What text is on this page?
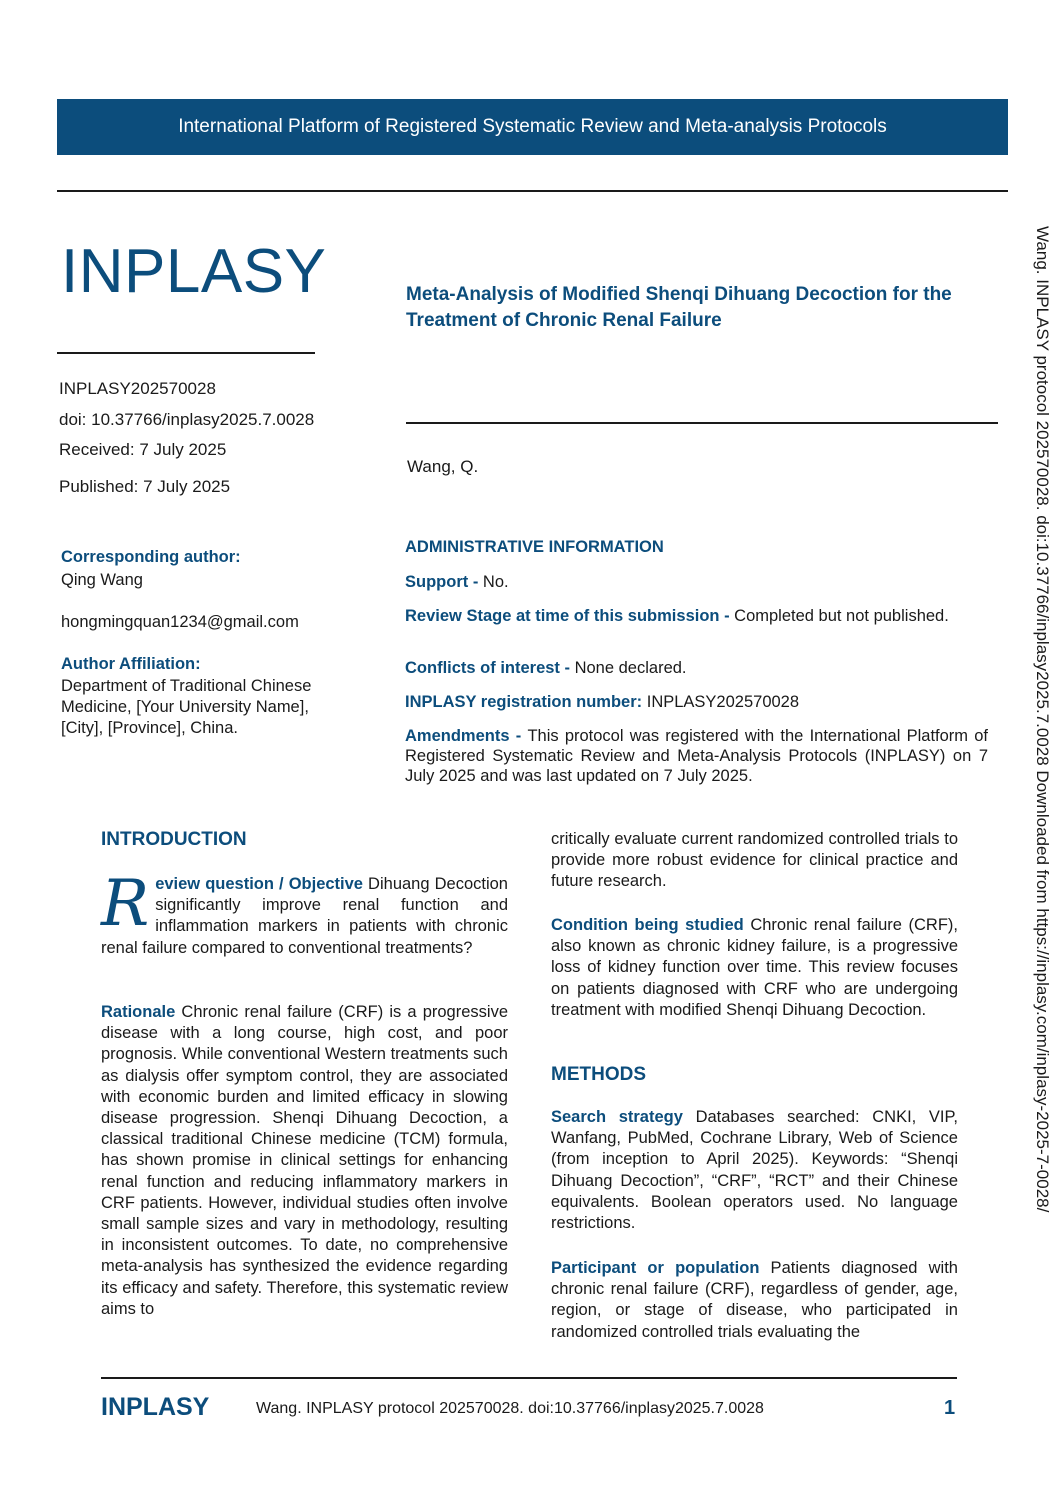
International Platform of Registered Systematic Review and Meta-analysis Protocols
INPLASY
INPLASY202570028
doi: 10.37766/inplasy2025.7.0028
Received: 7 July 2025
Published: 7 July 2025
Meta-Analysis of Modified Shenqi Dihuang Decoction for the Treatment of Chronic Renal Failure
Wang, Q.
Corresponding author:
Qing Wang
hongmingquan1234@gmail.com
Author Affiliation:
Department of Traditional Chinese Medicine, [Your University Name], [City], [Province], China.
ADMINISTRATIVE INFORMATION
Support - No.
Review Stage at time of this submission - Completed but not published.
Conflicts of interest - None declared.
INPLASY registration number: INPLASY202570028
Amendments - This protocol was registered with the International Platform of Registered Systematic Review and Meta-Analysis Protocols (INPLASY) on 7 July 2025 and was last updated on 7 July 2025.
INTRODUCTION
Review question / Objective Dihuang Decoction significantly improve renal function and inflammation markers in patients with chronic renal failure compared to conventional treatments?
Rationale Chronic renal failure (CRF) is a progressive disease with a long course, high cost, and poor prognosis. While conventional Western treatments such as dialysis offer symptom control, they are associated with economic burden and limited efficacy in slowing disease progression. Shenqi Dihuang Decoction, a classical traditional Chinese medicine (TCM) formula, has shown promise in clinical settings for enhancing renal function and reducing inflammatory markers in CRF patients. However, individual studies often involve small sample sizes and vary in methodology, resulting in inconsistent outcomes. To date, no comprehensive meta-analysis has synthesized the evidence regarding its efficacy and safety. Therefore, this systematic review aims to
critically evaluate current randomized controlled trials to provide more robust evidence for clinical practice and future research.
Condition being studied Chronic renal failure (CRF), also known as chronic kidney failure, is a progressive loss of kidney function over time. This review focuses on patients diagnosed with CRF who are undergoing treatment with modified Shenqi Dihuang Decoction.
METHODS
Search strategy Databases searched: CNKI, VIP, Wanfang, PubMed, Cochrane Library, Web of Science (from inception to April 2025). Keywords: “Shenqi Dihuang Decoction”, “CRF”, “RCT” and their Chinese equivalents. Boolean operators used. No language restrictions.
Participant or population Patients diagnosed with chronic renal failure (CRF), regardless of gender, age, region, or stage of disease, who participated in randomized controlled trials evaluating the
Wang. INPLASY protocol 202570028. doi:10.37766/inplasy2025.7.0028 Downloaded from https://inplasy.com/inplasy-2025-7-0028/
INPLASY	Wang. INPLASY protocol 202570028. doi:10.37766/inplasy2025.7.0028	1
